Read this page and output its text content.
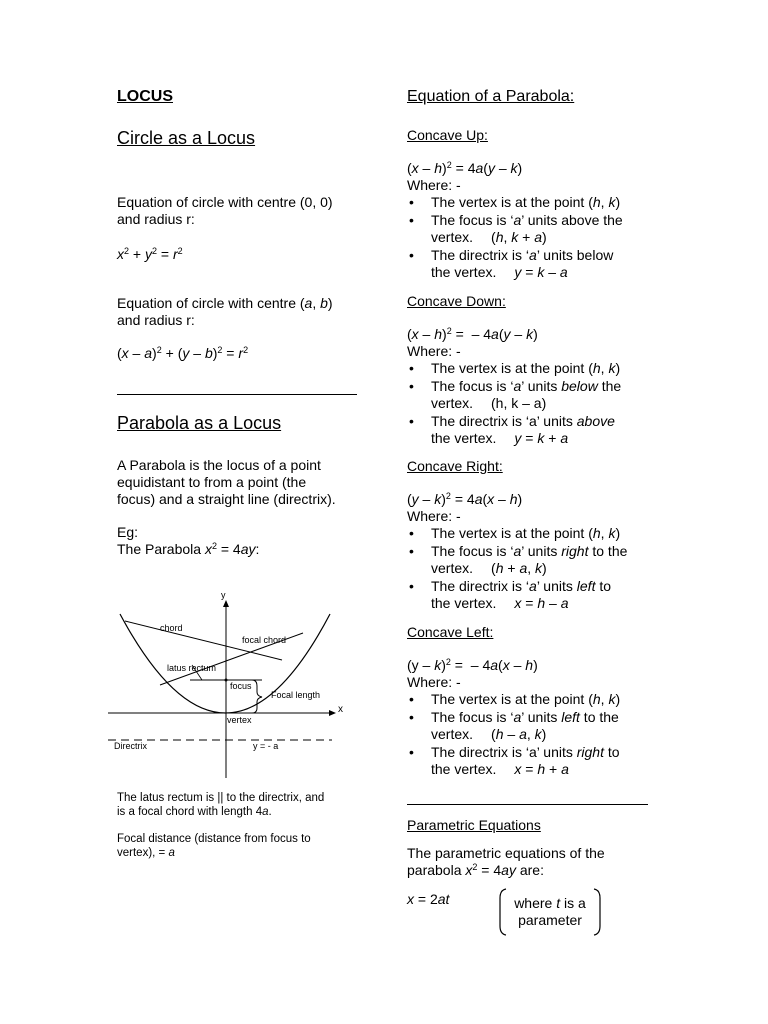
LOCUS
Circle as a Locus
Equation of circle with centre (0, 0)
and radius r:
$x^2 + y^2 = r^2$
Equation of circle with centre (a, b)
and radius r:
$(x - a)^2 + (y - b)^2 = r^2$
Parabola as a Locus
A Parabola is the locus of a point
equidistant to from a point (the
focus) and a straight line (directrix).
Eg:
The Parabola $x^2 = 4ay$:
y
x
chord
focal chord
latus rectum
focus
Focal length
vertex
Directrix	y = - a
The latus rectum is || to the directrix, and
is a focal chord with length 4a.
Focal distance (distance from focus to
vertex), = a
Equation of a Parabola:
Concave Up:
(x – h)$^2$ = 4a(y – k)
Where: -
• The vertex is at the point (h, k)
• The focus is ‘a’ units above the
vertex. (h, k + a)
• The directrix is ‘a’ units below
the vertex. y = k – a
Concave Down:
(x – h)$^2$ =  – 4a(y – k)
Where: -
• The vertex is at the point (h, k)
• The focus is ‘a’ units below the
vertex. (h, k – a)
• The directrix is ‘a’ units above
the vertex. y = k + a
Concave Right:
(y – k)$^2$ = 4a(x – h)
Where: -
• The vertex is at the point (h, k)
• The focus is ‘a’ units right to the
vertex. (h + a, k)
• The directrix is ‘a’ units left to
the vertex. x = h – a
Concave Left:
(y – k)$^2$ =  – 4a(x – h)
Where: -
• The vertex is at the point (h, k)
• The focus is ‘a’ units left to the
vertex. (h – a, k)
• The directrix is ‘a’ units right to
the vertex. x = h + a
Parametric Equations
The parametric equations of the
parabola $x^2 = 4ay$ are:
x = 2at	where t is a
parameter
